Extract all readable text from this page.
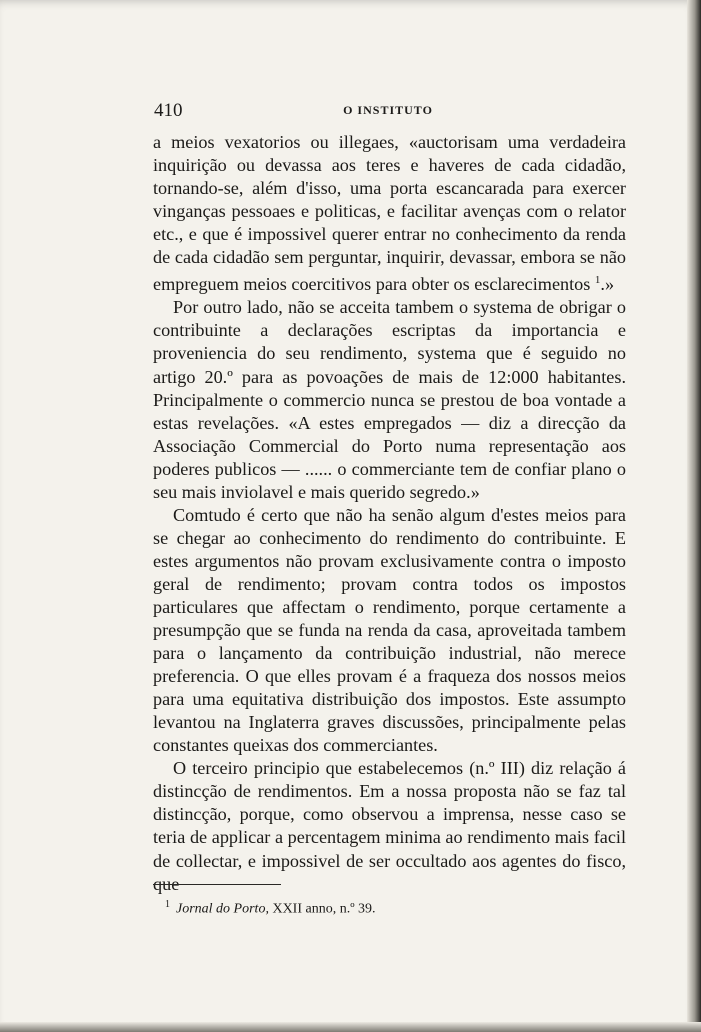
410	O INSTITUTO

a meios vexatorios ou illegaes, «auctorisam uma verdadeira inquirição ou devassa aos teres e haveres de cada cidadão, tornando-se, além d'isso, uma porta escancarada para exercer vinganças pessoaes e politicas, e facilitar avenças com o relator etc., e que é impossivel querer entrar no conhecimento da renda de cada cidadão sem perguntar, inquirir, devassar, embora se não empreguem meios coercitivos para obter os esclarecimentos $^1$.»

Por outro lado, não se acceita tambem o systema de obrigar o contribuinte a declarações escriptas da importancia e proveniencia do seu rendimento, systema que é seguido no artigo 20.º para as povoações de mais de 12:000 habitantes. Principalmente o commercio nunca se prestou de boa vontade a estas revelações. «A estes empregados — diz a direcção da Associação Commercial do Porto numa representação aos poderes publicos — ...... o commerciante tem de confiar plano o seu mais inviolavel e mais querido segredo.»

Comtudo é certo que não ha senão algum d'estes meios para se chegar ao conhecimento do rendimento do contribuinte. E estes argumentos não provam exclusivamente contra o imposto geral de rendimento; provam contra todos os impostos particulares que affectam o rendimento, porque certamente a presumpção que se funda na renda da casa, aproveitada tambem para o lançamento da contribuição industrial, não merece preferencia. O que elles provam é a fraqueza dos nossos meios para uma equitativa distribuição dos impostos. Este assumpto levantou na Inglaterra graves discussões, principalmente pelas constantes queixas dos commerciantes.

O terceiro principio que estabelecemos (n.º III) diz relação á distincção de rendimentos. Em a nossa proposta não se faz tal distincção, porque, como observou a imprensa, nesse caso se teria de applicar a percentagem minima ao rendimento mais facil de collectar, e impossivel de ser occultado aos agentes do fisco, que

$^1$ Jornal do Porto, XXII anno, n.º 39.
